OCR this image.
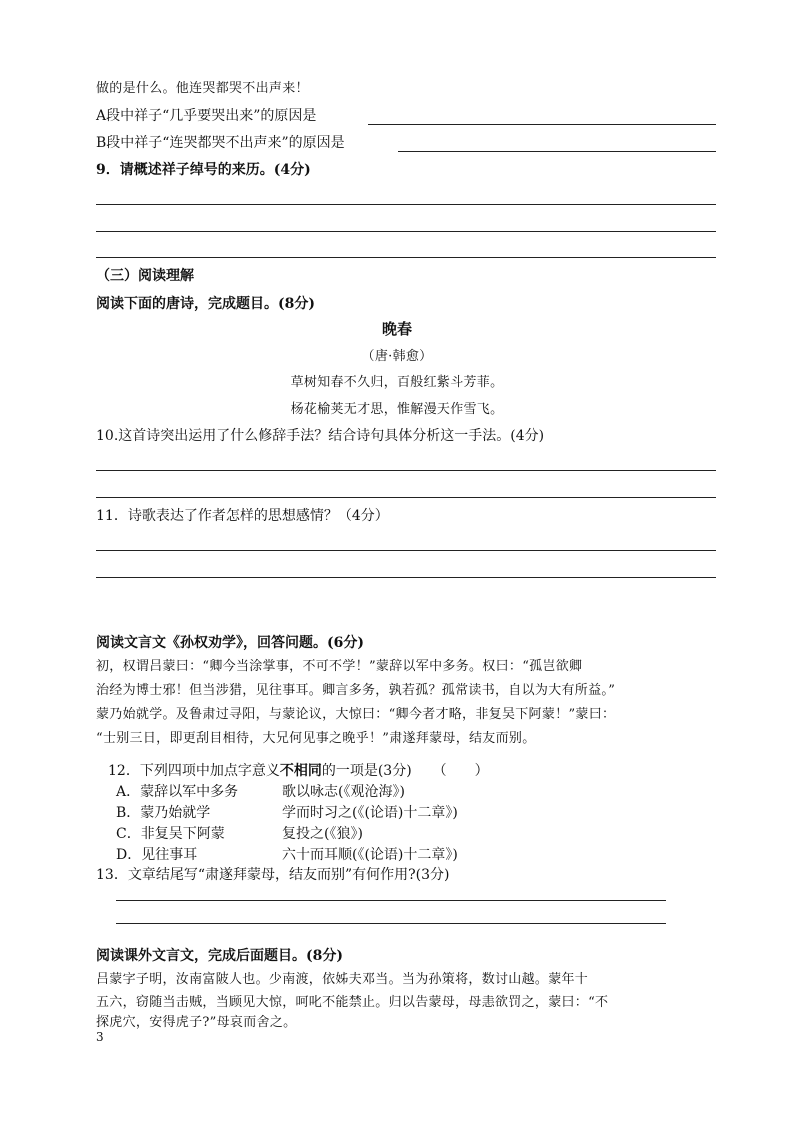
做的是什么。他连哭都哭不出声来！
A段中祥子“几乎要哭出来”的原因是
B段中祥子“连哭都哭不出声来”的原因是
9．请概述祥子绰号的来历。(4分)
（三）阅读理解
阅读下面的唐诗，完成题目。(8分)
晚春
（唐·韩愈）
草树知春不久归，百般红紫斗芳菲。
杨花榆荚无才思，惟解漫天作雪飞。
10.这首诗突出运用了什么修辞手法？结合诗句具体分析这一手法。(4分)
11．诗歌表达了作者怎样的思想感情？（4分）
阅读文言文《孙权劝学》，回答问题。(6分)
初，权谓吕蒙曰：“卿今当涂掌事，不可不学！”蒙辞以军中多务。权曰：“孤岂欲卿
治经为博士邪！但当涉猎，见往事耳。卿言多务，孰若孤？孤常读书，自以为大有所益。”
蒙乃始就学。及鲁肃过寻阳，与蒙论议，大惊曰：“卿今者才略，非复吴下阿蒙！”蒙曰：
“士别三日，即更刮目相待，大兄何见事之晚乎！”肃遂拜蒙母，结友而别。
12．下列四项中加点字意义不相同的一项是(3分)　　（　　）
A．蒙辞以军中多务	歌以咏志(《观沧海》)
B．蒙乃始就学	学而时习之(《(论语)十二章》)
C．非复吴下阿蒙	复投之(《狼》)
D．见往事耳	六十而耳顺(《(论语)十二章》)
13．文章结尾写“肃遂拜蒙母，结友而别”有何作用?(3分)
阅读课外文言文，完成后面题目。(8分)
吕蒙字子明，汝南富陂人也。少南渡，依姊夫邓当。当为孙策将，数讨山越。蒙年十
五六，窃随当击贼，当顾见大惊，呵叱不能禁止。归以告蒙母，母恚欲罚之，蒙曰：“不
探虎穴，安得虎子?”母哀而舍之。
3
